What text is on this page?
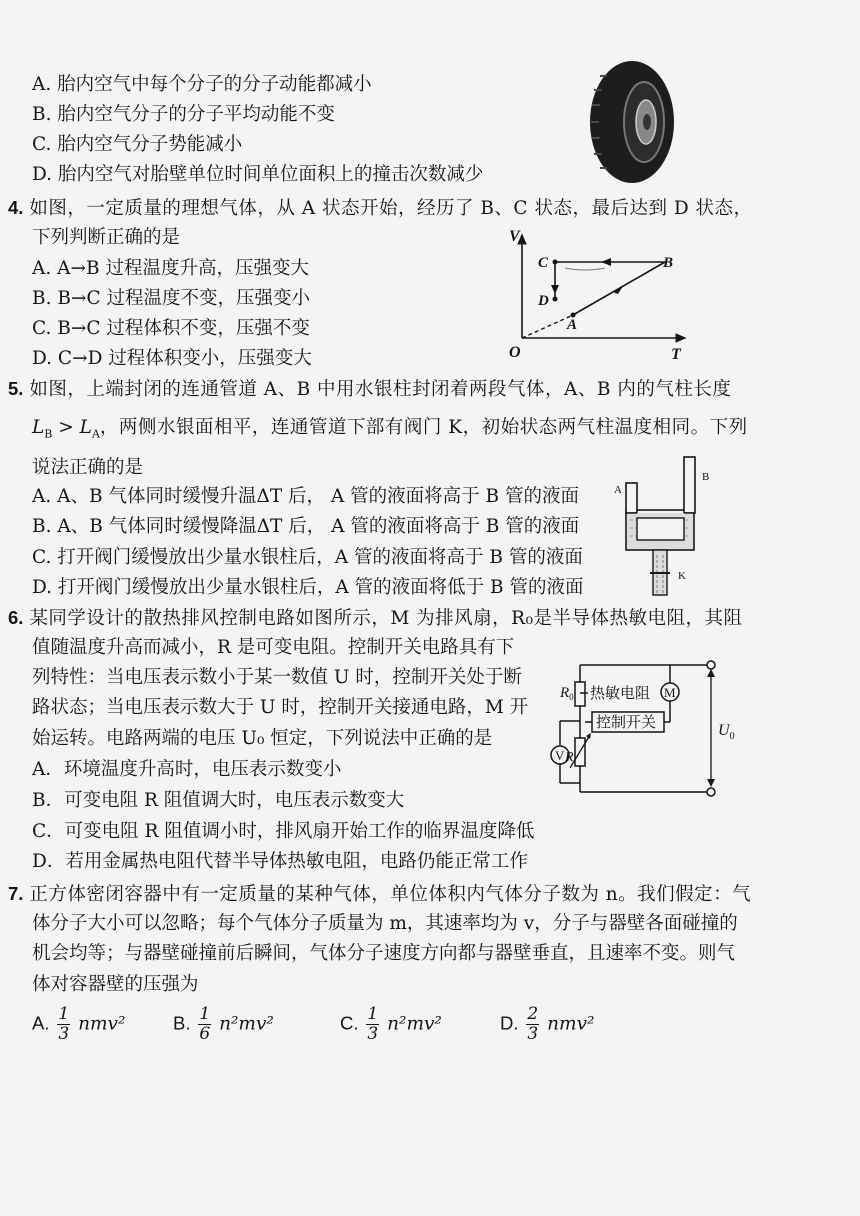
A. 胎内空气中每个分子的分子动能都减小
B. 胎内空气分子的分子平均动能不变
C. 胎内空气分子势能减小
D. 胎内空气对胎壁单位时间单位面积上的撞击次数减少
4. 如图，一定质量的理想气体，从 A 状态开始，经历了 B、C 状态，最后达到 D 状态，
下列判断正确的是
A. A→B 过程温度升高，压强变大
B. B→C 过程温度不变，压强变小
C. B→C 过程体积不变，压强不变
D. C→D 过程体积变小，压强变大
V
T
O
A
B
C
D
5. 如图，上端封闭的连通管道 A、B 中用水银柱封闭着两段气体，A、B 内的气柱长度
$L_B > L_A$，两侧水银面相平，连通管道下部有阀门 K，初始状态两气柱温度相同。下列
说法正确的是
A. A、B 气体同时缓慢升温ΔT 后， A 管的液面将高于 B 管的液面
B. A、B 气体同时缓慢降温ΔT 后， A 管的液面将高于 B 管的液面
C. 打开阀门缓慢放出少量水银柱后，A 管的液面将高于 B 管的液面
D. 打开阀门缓慢放出少量水银柱后，A 管的液面将低于 B 管的液面
A
B
K
6. 某同学设计的散热排风控制电路如图所示，M 为排风扇，R₀是半导体热敏电阻，其阻
值随温度升高而减小，R 是可变电阻。控制开关电路具有下
列特性：当电压表示数小于某一数值 U 时，控制开关处于断
路状态；当电压表示数大于 U 时，控制开关接通电路，M 开
始运转。电路两端的电压 U₀ 恒定，下列说法中正确的是
A．环境温度升高时，电压表示数变小
B．可变电阻 R 阻值调大时，电压表示数变大
C．可变电阻 R 阻值调小时，排风扇开始工作的临界温度降低
D．若用金属热电阻代替半导体热敏电阻，电路仍能正常工作
$R_0$ 热敏电阻 M
控制开关
V R
$U_0$
7. 正方体密闭容器中有一定质量的某种气体，单位体积内气体分子数为 n。我们假定：气
体分子大小可以忽略；每个气体分子质量为 m，其速率均为 v，分子与器壁各面碰撞的
机会均等；与器壁碰撞前后瞬间，气体分子速度方向都与器壁垂直，且速率不变。则气
体对容器壁的压强为
A. $\frac{1}{3} nmv^2$	B. $\frac{1}{6} n^2mv^2$	C. $\frac{1}{3} n^2mv^2$	D. $\frac{2}{3} nmv^2$
